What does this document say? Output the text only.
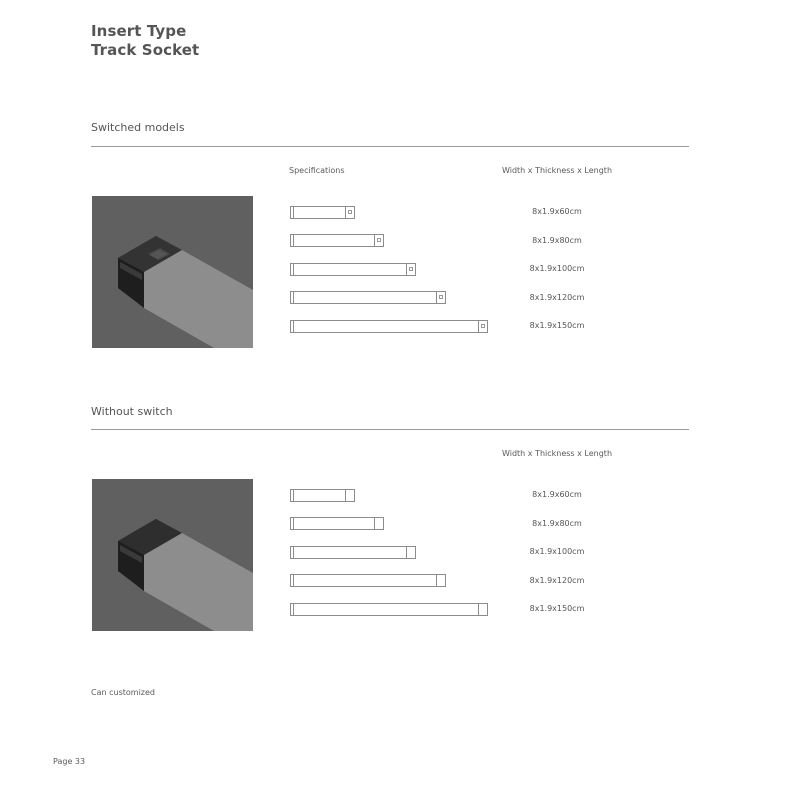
Insert Type
Track Socket
Switched models
Specifications	Width x Thickness x Length
8x1.9x60cm
8x1.9x80cm
8x1.9x100cm
8x1.9x120cm
8x1.9x150cm
Without switch
Width x Thickness x Length
8x1.9x60cm
8x1.9x80cm
8x1.9x100cm
8x1.9x120cm
8x1.9x150cm
Can customized
Page 33
